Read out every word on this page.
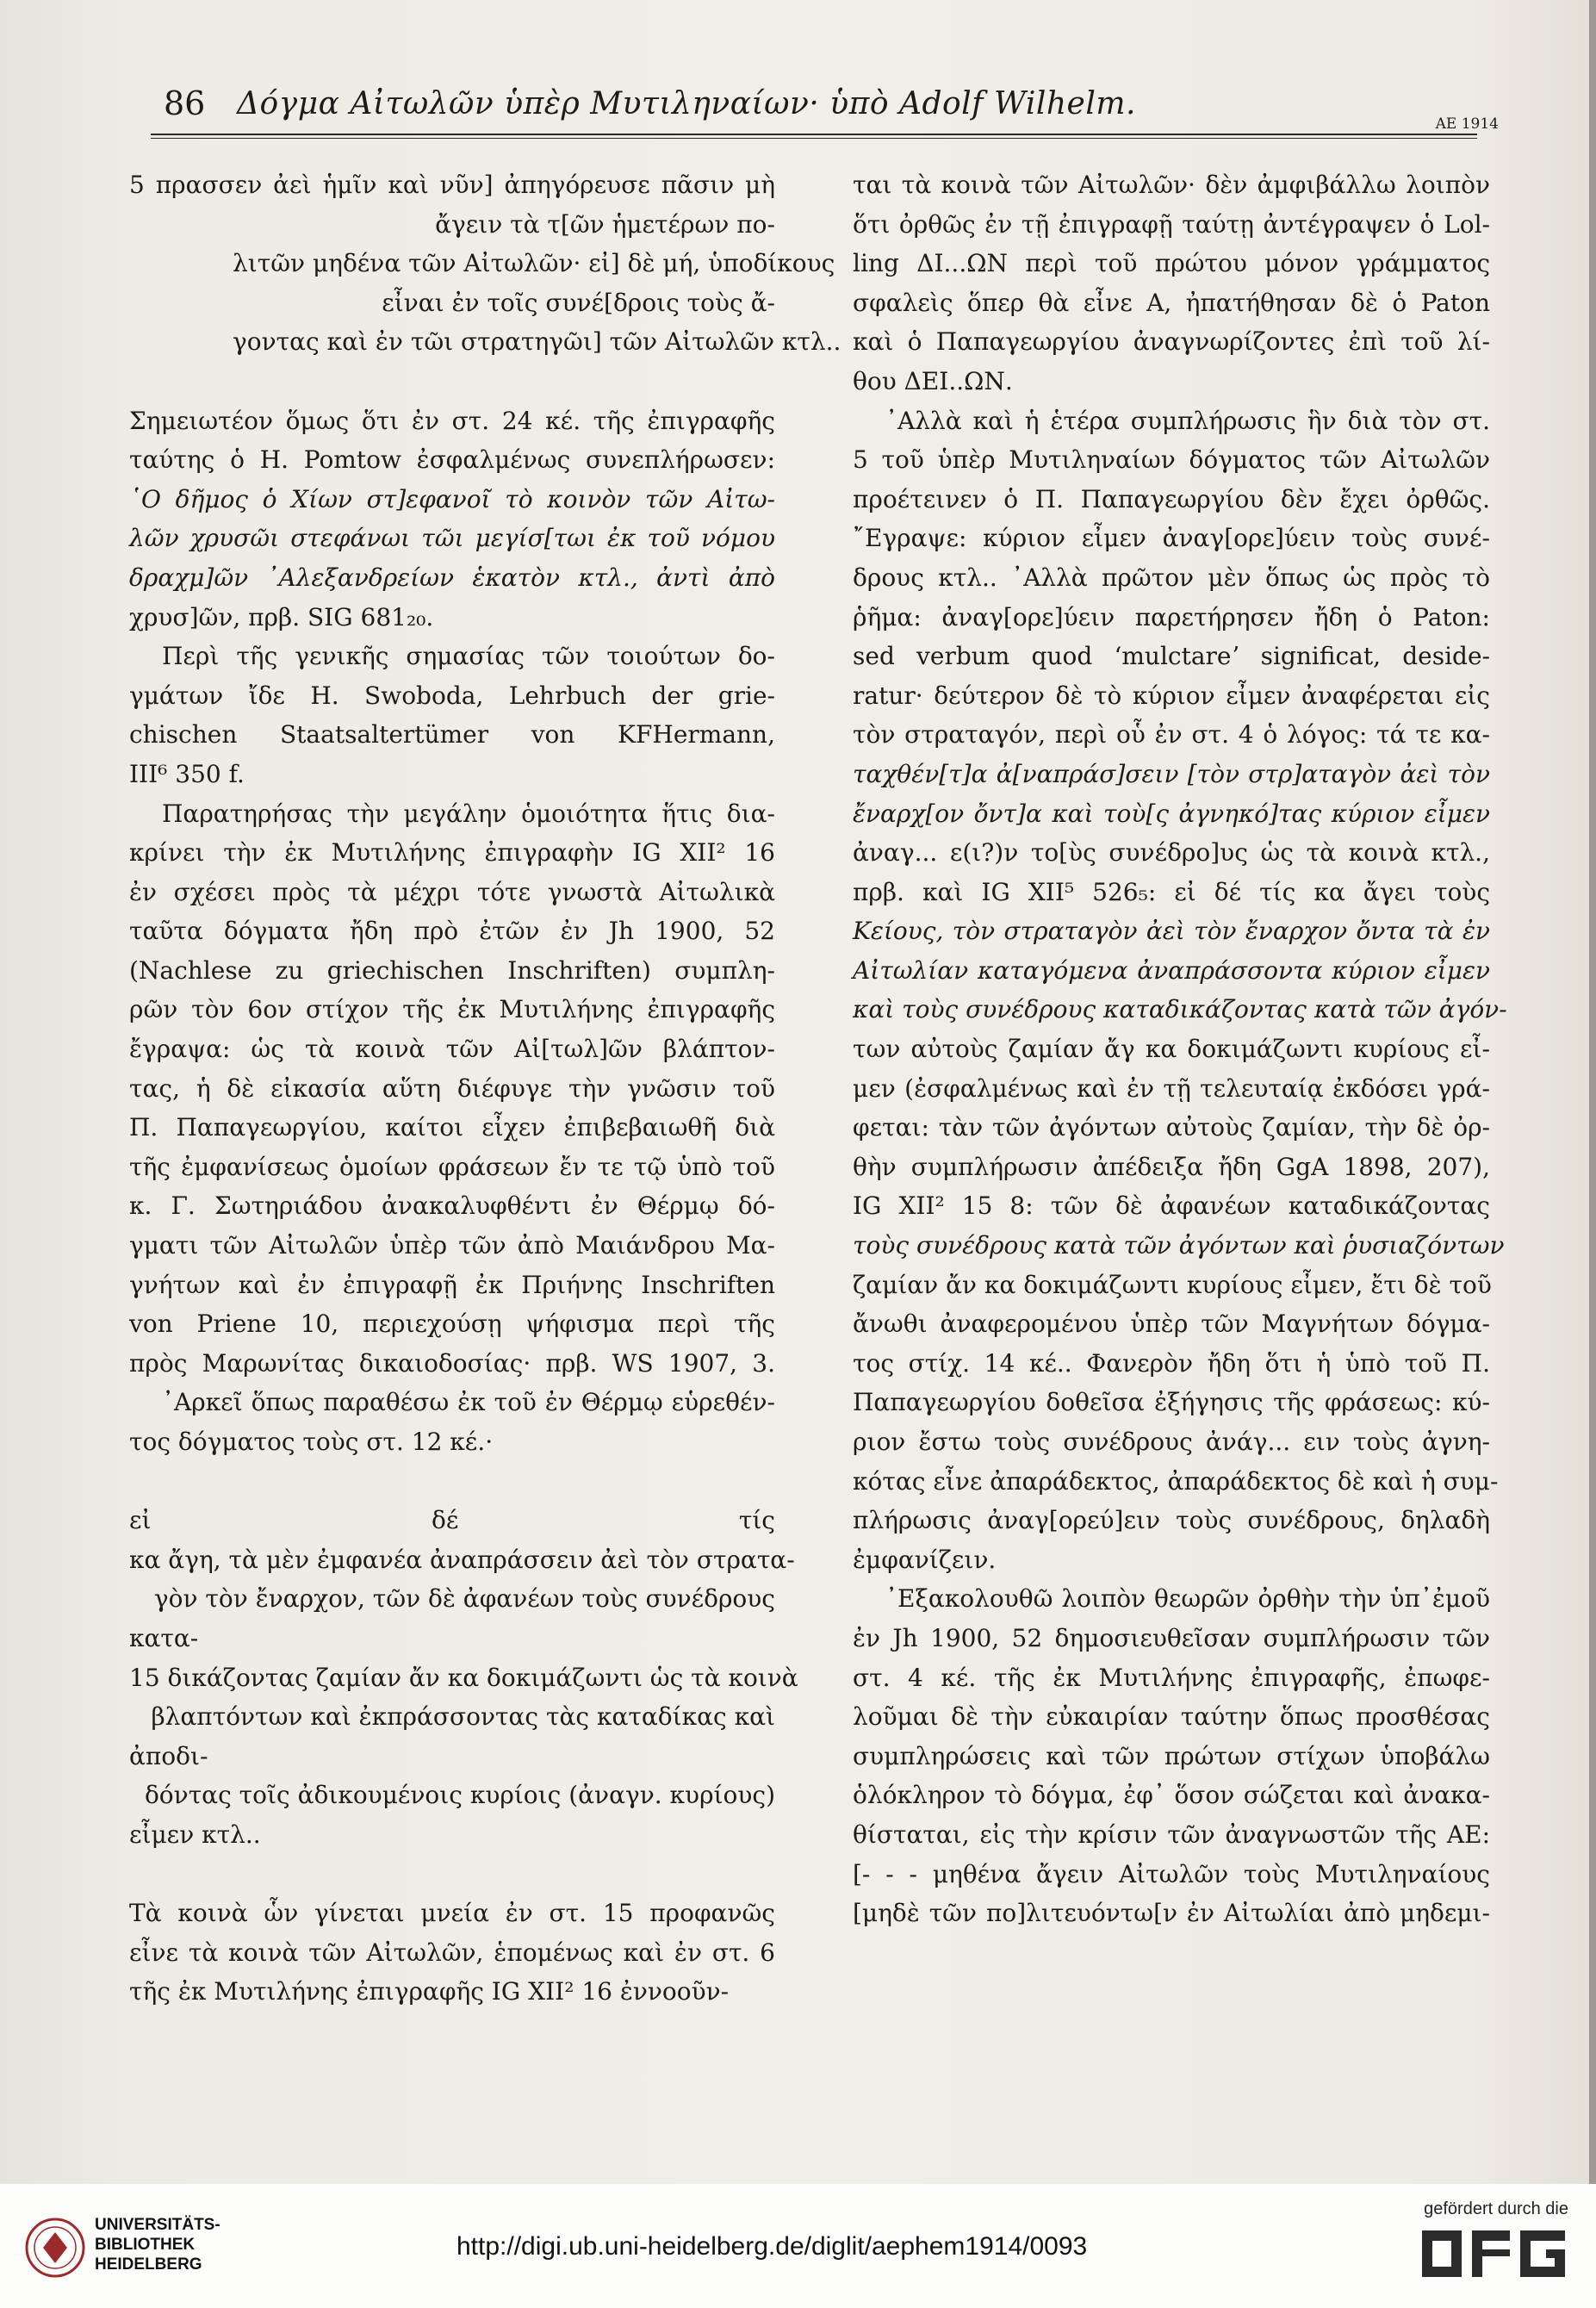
86 Δόγμα Αἰτωλῶν ὑπὲρ Μυτιληναίων· ὑπὸ Adolf Wilhelm.
ΑΕ 1914
5 πρασσεν ἀεὶ ἡμῖν καὶ νῦν] ἀπηγόρευσε πᾶσιν μὴ
ἄγειν τὰ τ[ῶν ἡμετέρων πο-
λιτῶν μηδένα τῶν Αἰτωλῶν· εἰ] δὲ μή, ὑποδίκους
εἶναι ἐν τοῖς συνέ[δροις τοὺς ἄ-
γοντας καὶ ἐν τῶι στρατηγῶι] τῶν Αἰτωλῶν κτλ..
Σημειωτέον ὅμως ὅτι ἐν στ. 24 κέ. τῆς ἐπιγραφῆς
ταύτης ὁ H. Pomtow ἐσφαλμένως συνεπλήρωσεν:
῾Ο δῆμος ὁ Χίων στ]εφανοῖ τὸ κοινὸν τῶν Αἰτω-
λῶν χρυσῶι στεφάνωι τῶι μεγίσ[τωι ἐκ τοῦ νόμου
δραχμ]ῶν ᾿Αλεξανδρείων ἑκατὸν κτλ., ἀντὶ ἀπὸ
χρυσ]ῶν, πρβ. SIG 681₂₀.
Περὶ τῆς γενικῆς σημασίας τῶν τοιούτων δο-
γμάτων ἴδε H. Swoboda, Lehrbuch der grie-
chischen Staatsaltertümer von KFHermann,
III⁶ 350 f.
Παρατηρήσας τὴν μεγάλην ὁμοιότητα ἥτις δια-
κρίνει τὴν ἐκ Μυτιλήνης ἐπιγραφὴν IG XII² 16
ἐν σχέσει πρὸς τὰ μέχρι τότε γνωστὰ Αἰτωλικὰ
ταῦτα δόγματα ἤδη πρὸ ἐτῶν ἐν Jh 1900, 52
(Nachlese zu griechischen Inschriften) συμπλη-
ρῶν τὸν 6ον στίχον τῆς ἐκ Μυτιλήνης ἐπιγραφῆς
ἔγραψα: ὡς τὰ κοινὰ τῶν Αἰ[τωλ]ῶν βλάπτον-
τας, ἡ δὲ εἰκασία αὕτη διέφυγε τὴν γνῶσιν τοῦ
Π. Παπαγεωργίου, καίτοι εἶχεν ἐπιβεβαιωθῆ διὰ
τῆς ἐμφανίσεως ὁμοίων φράσεων ἔν τε τῷ ὑπὸ τοῦ
κ. Γ. Σωτηριάδου ἀνακαλυφθέντι ἐν Θέρμῳ δό-
γματι τῶν Αἰτωλῶν ὑπὲρ τῶν ἀπὸ Μαιάνδρου Μα-
γνήτων καὶ ἐν ἐπιγραφῇ ἐκ Πριήνης Inschriften
von Priene 10, περιεχούσῃ ψήφισμα περὶ τῆς
πρὸς Μαρωνίτας δικαιοδοσίας· πρβ. WS 1907, 3.
᾿Αρκεῖ ὅπως παραθέσω ἐκ τοῦ ἐν Θέρμῳ εὑρεθέν-
τος δόγματος τοὺς στ. 12 κέ.·
εἰ δέ τίς
κα ἄγη, τὰ μὲν ἐμφανέα ἀναπράσσειν ἀεὶ τὸν στρατα-
γὸν τὸν ἔναρχον, τῶν δὲ ἀφανέων τοὺς συνέδρους
κατα-
15 δικάζοντας ζαμίαν ἄν κα δοκιμάζωντι ὡς τὰ κοινὰ
βλαπτόντων καὶ ἐκπράσσοντας τὰς καταδίκας καὶ
ἀποδι-
δόντας τοῖς ἀδικουμένοις κυρίοις (ἀναγν. κυρίους)
εἶμεν κτλ..
Τὰ κοινὰ ὧν γίνεται μνεία ἐν στ. 15 προφανῶς
εἶνε τὰ κοινὰ τῶν Αἰτωλῶν, ἑπομένως καὶ ἐν στ. 6
τῆς ἐκ Μυτιλήνης ἐπιγραφῆς IG XII² 16 ἐννοοῦν-
ται τὰ κοινὰ τῶν Αἰτωλῶν· δὲν ἀμφιβάλλω λοιπὸν
ὅτι ὀρθῶς ἐν τῇ ἐπιγραφῇ ταύτῃ ἀντέγραψεν ὁ Lol-
ling ΔΙ...ΩΝ περὶ τοῦ πρώτου μόνον γράμματος
σφαλεὶς ὅπερ θὰ εἶνε Α, ἠπατήθησαν δὲ ὁ Paton
καὶ ὁ Παπαγεωργίου ἀναγνωρίζοντες ἐπὶ τοῦ λί-
θου ΔΕΙ..ΩΝ.
᾿Αλλὰ καὶ ἡ ἑτέρα συμπλήρωσις ἣν διὰ τὸν στ.
5 τοῦ ὑπὲρ Μυτιληναίων δόγματος τῶν Αἰτωλῶν
προέτεινεν ὁ Π. Παπαγεωργίου δὲν ἔχει ὀρθῶς.
῎Εγραψε: κύριον εἶμεν ἀναγ[ορε]ύειν τοὺς συνέ-
δρους κτλ.. ᾿Αλλὰ πρῶτον μὲν ὅπως ὡς πρὸς τὸ
ῥῆμα: ἀναγ[ορε]ύειν παρετήρησεν ἤδη ὁ Paton:
sed verbum quod ʻmulctareʼ significat, deside-
ratur· δεύτερον δὲ τὸ κύριον εἶμεν ἀναφέρεται εἰς
τὸν στραταγόν, περὶ οὗ ἐν στ. 4 ὁ λόγος: τά τε κα-
ταχθέν[τ]α ἀ[ναπράσ]σειν [τὸν στρ]αταγὸν ἀεὶ τὸν
ἔναρχ[ον ὄντ]α καὶ τοὺ[ς ἀγνηκό]τας κύριον εἶμεν
ἀναγ... ε(ι?)ν το[ὺς συνέδρο]υς ὡς τὰ κοινὰ κτλ.,
πρβ. καὶ IG XII⁵ 526₅: εἰ δέ τίς κα ἄγει τοὺς
Κείους, τὸν στραταγὸν ἀεὶ τὸν ἔναρχον ὄντα τὰ ἐν
Αἰτωλίαν καταγόμενα ἀναπράσσοντα κύριον εἶμεν
καὶ τοὺς συνέδρους καταδικάζοντας κατὰ τῶν ἀγόν-
των αὐτοὺς ζαμίαν ἄγ κα δοκιμάζωντι κυρίους εἶ-
μεν (ἐσφαλμένως καὶ ἐν τῇ τελευταίᾳ ἐκδόσει γρά-
φεται: τὰν τῶν ἀγόντων αὐτοὺς ζαμίαν, τὴν δὲ ὀρ-
θὴν συμπλήρωσιν ἀπέδειξα ἤδη GgA 1898, 207),
IG XII² 15 8: τῶν δὲ ἀφανέων καταδικάζοντας
τοὺς συνέδρους κατὰ τῶν ἀγόντων καὶ ῥυσιαζόντων
ζαμίαν ἄν κα δοκιμάζωντι κυρίους εἶμεν, ἔτι δὲ τοῦ
ἄνωθι ἀναφερομένου ὑπὲρ τῶν Μαγνήτων δόγμα-
τος στίχ. 14 κέ.. Φανερὸν ἤδη ὅτι ἡ ὑπὸ τοῦ Π.
Παπαγεωργίου δοθεῖσα ἐξήγησις τῆς φράσεως: κύ-
ριον ἔστω τοὺς συνέδρους ἀνάγ... ειν τοὺς ἀγνη-
κότας εἶνε ἀπαράδεκτος, ἀπαράδεκτος δὲ καὶ ἡ συμ-
πλήρωσις ἀναγ[ορεύ]ειν τοὺς συνέδρους, δηλαδὴ
ἐμφανίζειν.
᾿Εξακολουθῶ λοιπὸν θεωρῶν ὀρθὴν τὴν ὑπ᾿ἐμοῦ
ἐν Jh 1900, 52 δημοσιευθεῖσαν συμπλήρωσιν τῶν
στ. 4 κέ. τῆς ἐκ Μυτιλήνης ἐπιγραφῆς, ἐπωφε-
λοῦμαι δὲ τὴν εὐκαιρίαν ταύτην ὅπως προσθέσας
συμπληρώσεις καὶ τῶν πρώτων στίχων ὑποβάλω
ὁλόκληρον τὸ δόγμα, ἐφ᾿ ὅσον σώζεται καὶ ἀνακα-
θίσταται, εἰς τὴν κρίσιν τῶν ἀναγνωστῶν τῆς ΑΕ:
[- - - μηθένα ἄγειν Αἰτωλῶν τοὺς Μυτιληναίους
[μηδὲ τῶν πο]λιτευόντω[ν ἐν Αἰτωλίαι ἀπὸ μηδεμι-
UNIVERSITÄTS-
BIBLIOTHEK
HEIDELBERG
http://digi.ub.uni-heidelberg.de/diglit/aephem1914/0093
gefördert durch die
